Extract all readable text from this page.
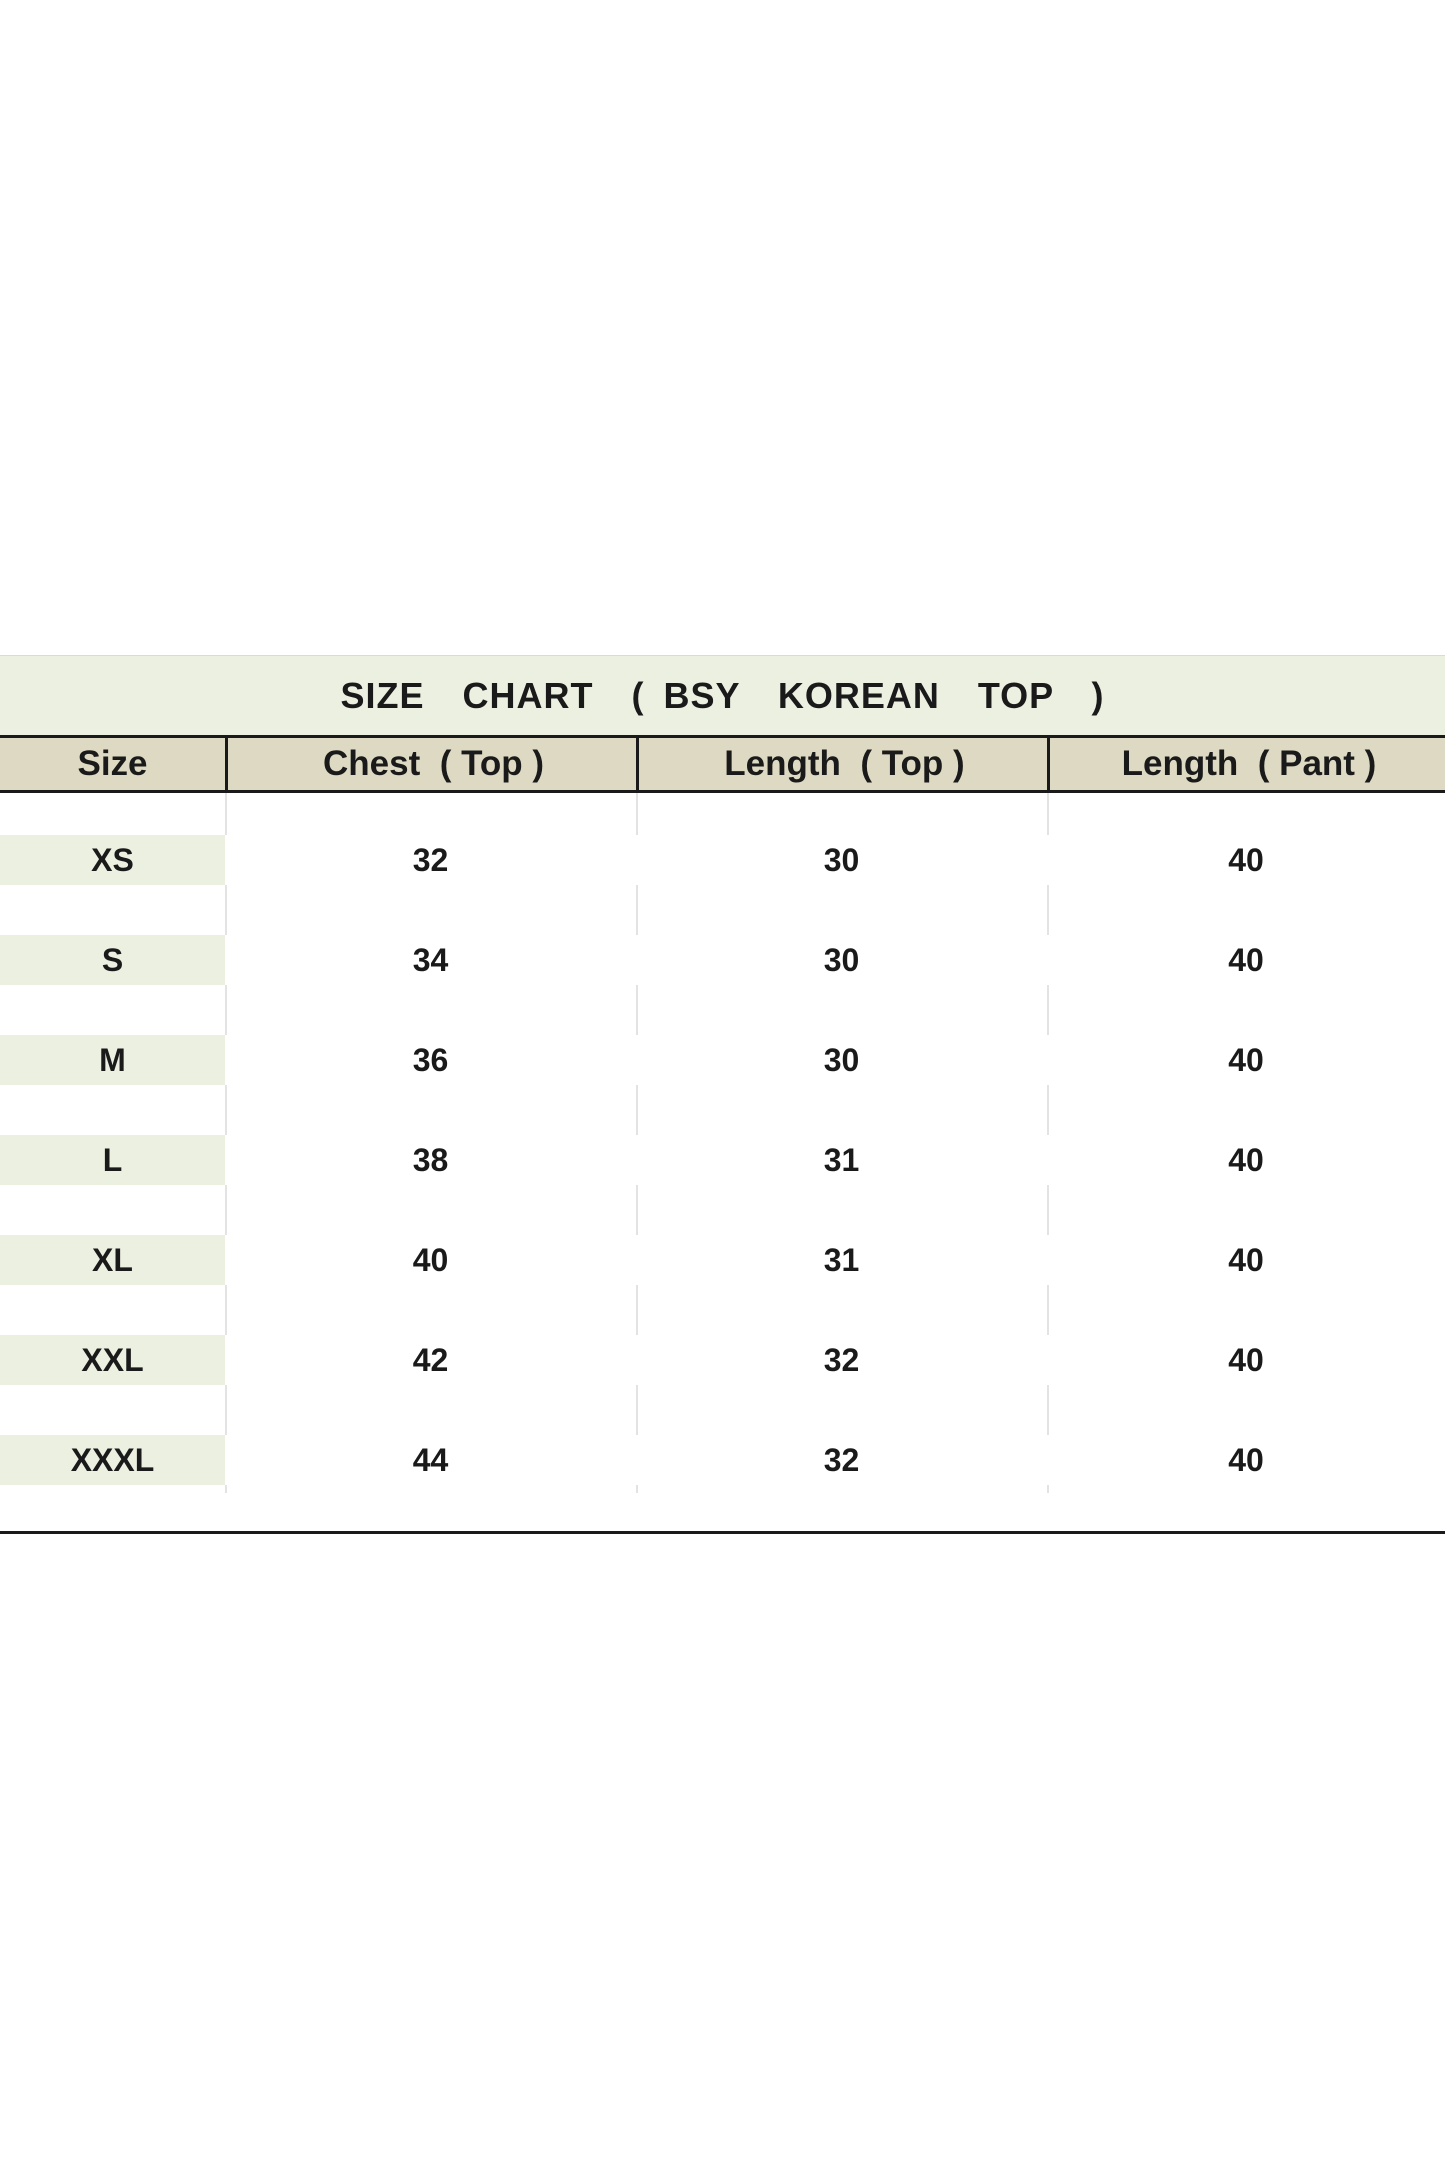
SIZE  CHART  ( BSY  KOREAN  TOP  )
Size	Chest  ( Top )	Length  ( Top )	Length  ( Pant )
XS	32	30	40
S	34	30	40
M	36	30	40
L	38	31	40
XL	40	31	40
XXL	42	32	40
XXXL	44	32	40
